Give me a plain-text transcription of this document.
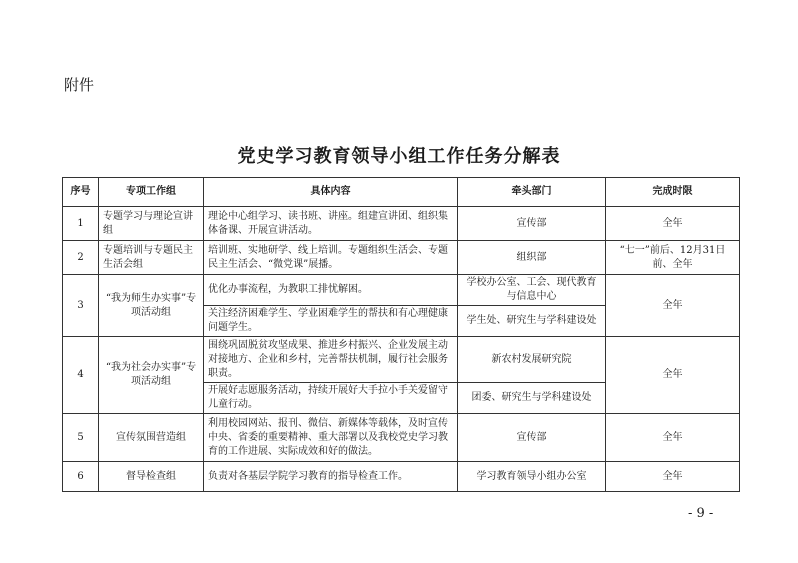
附件
党史学习教育领导小组工作任务分解表
序号	专项工作组	具体内容	牵头部门	完成时限
1	专题学习与理论宣讲组	理论中心组学习、读书班、讲座。组建宣讲团、组织集体备课、开展宣讲活动。	宣传部	全年
2	专题培训与专题民主生活会组	培训班、实地研学、线上培训。专题组织生活会、专题民主生活会、“微党课”展播。	组织部	“七一”前后、12月31日前、全年
3	“我为师生办实事”专项活动组	优化办事流程，为教职工排忧解困。	学校办公室、工会、现代教育与信息中心	全年
		关注经济困难学生、学业困难学生的帮扶和有心理健康问题学生。	学生处、研究生与学科建设处	
4	“我为社会办实事”专项活动组	围绕巩固脱贫攻坚成果、推进乡村振兴、企业发展主动对接地方、企业和乡村，完善帮扶机制，履行社会服务职责。	新农村发展研究院	全年
		开展好志愿服务活动，持续开展好大手拉小手关爱留守儿童行动。	团委、研究生与学科建设处	
5	宣传氛围营造组	利用校园网站、报刊、微信、新媒体等载体，及时宣传中央、省委的重要精神、重大部署以及我校党史学习教育的工作进展、实际成效和好的做法。	宣传部	全年
6	督导检查组	负责对各基层学院学习教育的指导检查工作。	学习教育领导小组办公室	全年
- 9 -
